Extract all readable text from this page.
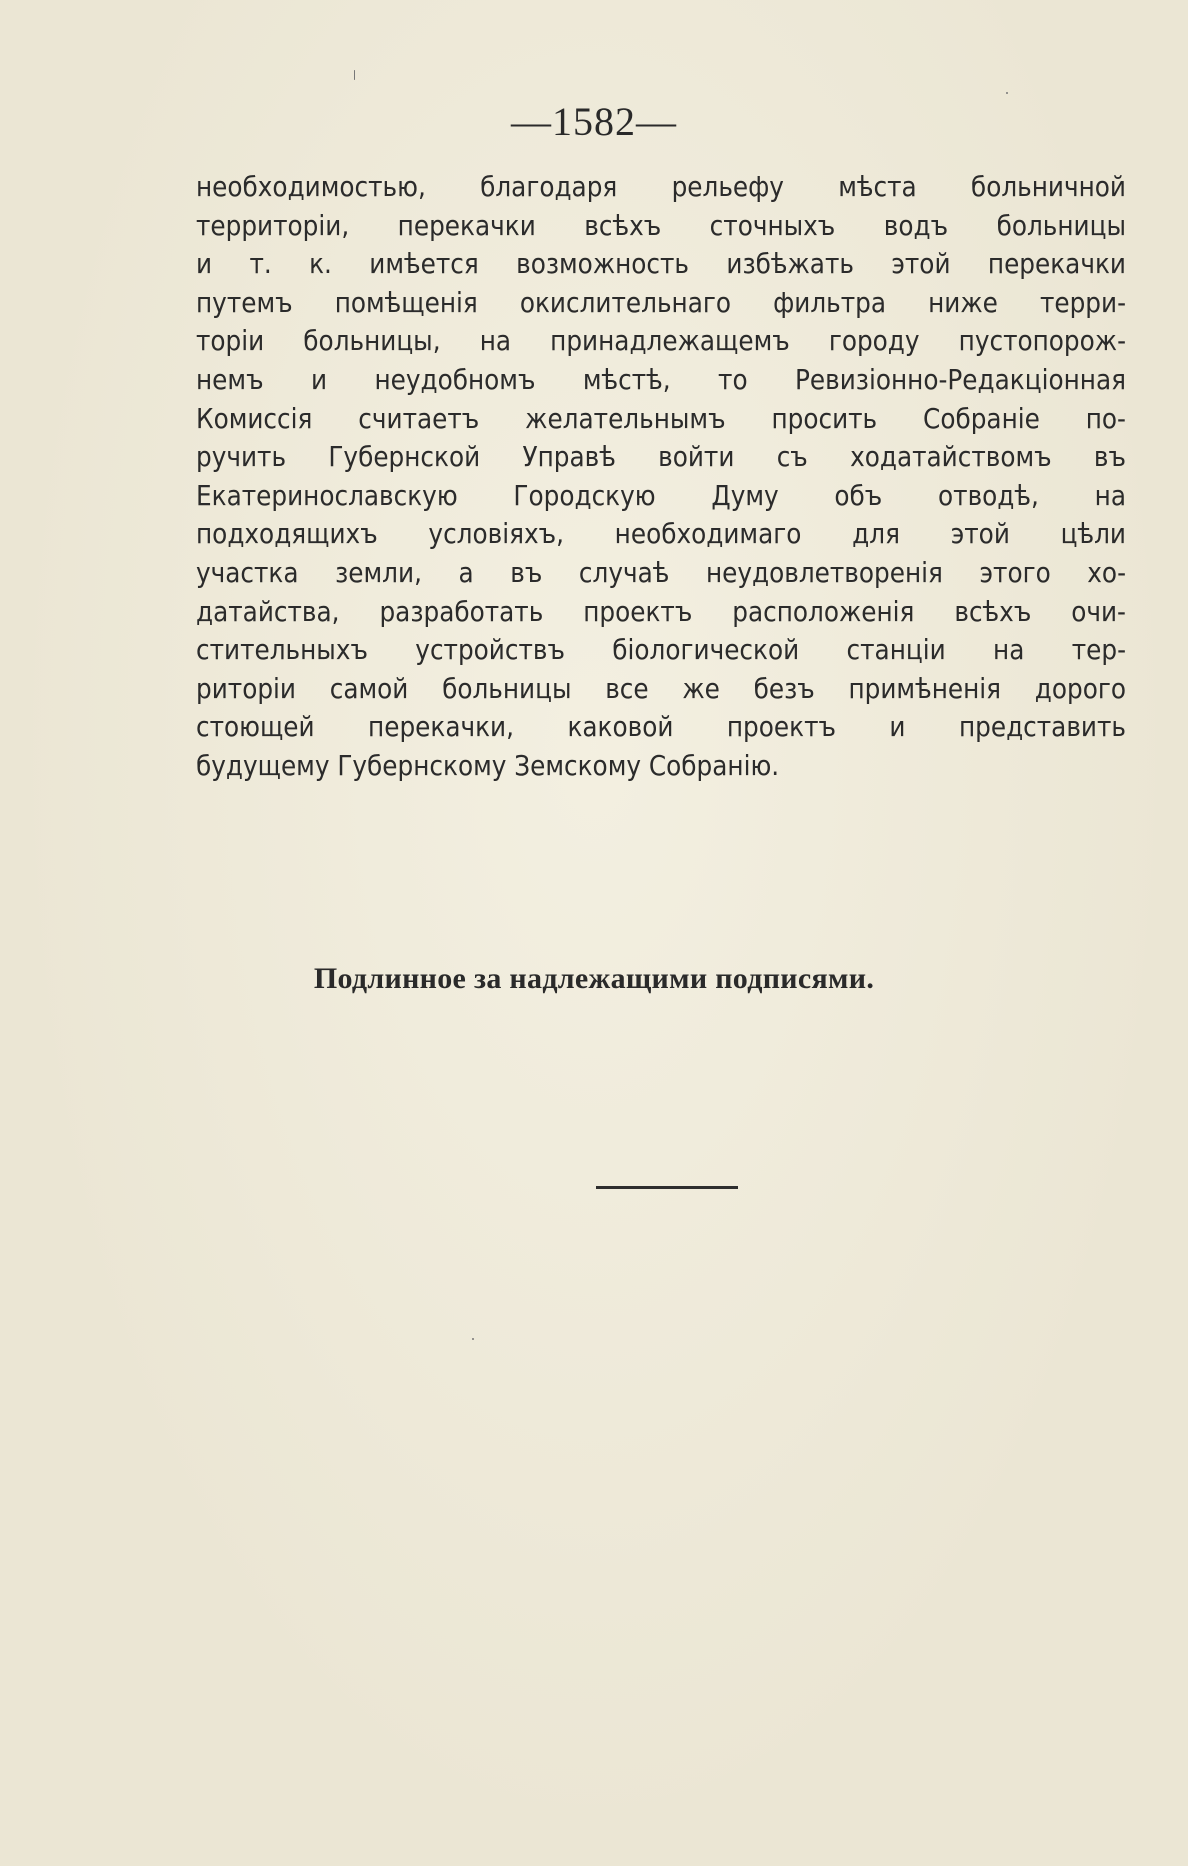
—1582—
необходимостью, благодаря рельефу мѣста больничной
территоріи, перекачки всѣхъ сточныхъ водъ больницы
и т. к. имѣется возможность избѣжать этой перекачки
путемъ помѣщенія окислительнаго фильтра ниже терри-
торіи больницы, на принадлежащемъ городу пустопорож-
немъ и неудобномъ мѣстѣ, то Ревизіонно-Редакціонная
Комиссія считаетъ желательнымъ просить Собраніе по-
ручить Губернской Управѣ войти съ ходатайствомъ въ
Екатеринославскую Городскую Думу объ отводѣ, на
подходящихъ условіяхъ, необходимаго для этой цѣли
участка земли, а въ случаѣ неудовлетворенія этого хо-
датайства, разработать проектъ расположенія всѣхъ очи-
стительныхъ устройствъ біологической станціи на тер-
риторіи самой больницы все же безъ примѣненія дорого
стоющей перекачки, каковой проектъ и представить
будущему Губернскому Земскому Собранію.
Подлинное за надлежащими подписями.
